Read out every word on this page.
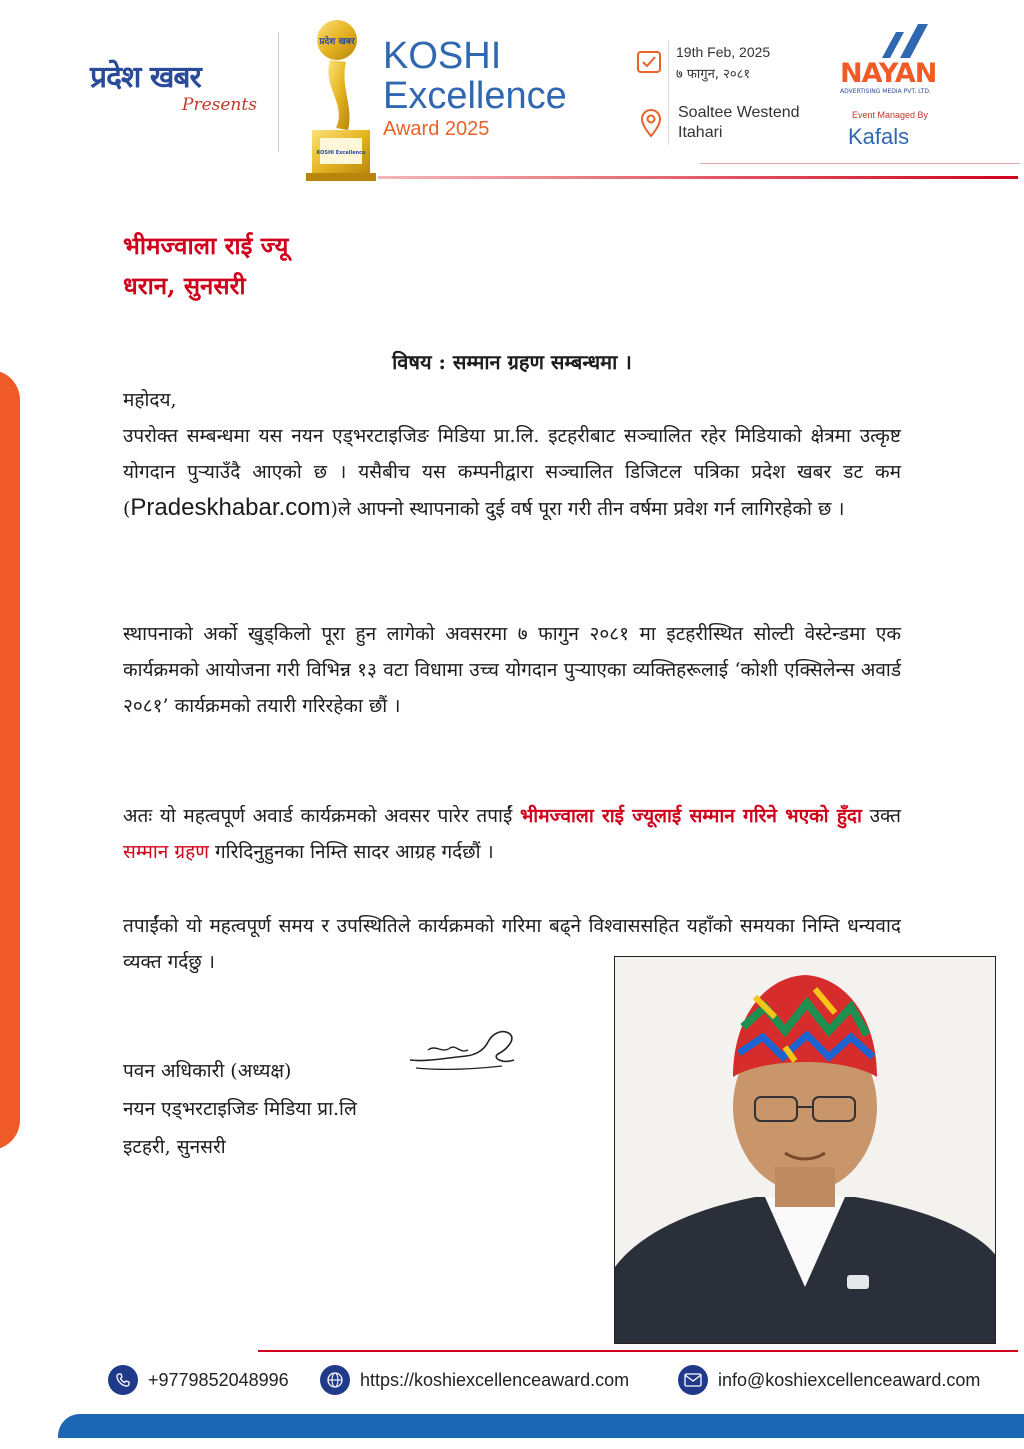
प्रदेश खबर
Presents
प्रदेश खबर
KOSHI Excellence
KOSHI
Excellence
Award 2025
19th Feb, 2025
७ फागुन, २०८१
Soaltee Westend
Itahari
NAYAN
ADVERTISING MEDIA PVT. LTD.
Event Managed By
Kafals
भीमज्वाला राई ज्यू
धरान, सुनसरी
विषय : सम्मान ग्रहण सम्बन्धमा ।
महोदय,
उपरोक्त सम्बन्धमा यस नयन एड्भरटाइजिङ मिडिया प्रा.लि. इटहरीबाट सञ्चालित रहेर मिडियाको क्षेत्रमा उत्कृष्ट योगदान पुऱ्याउँदै आएको छ । यसैबीच यस कम्पनीद्वारा सञ्चालित डिजिटल पत्रिका प्रदेश खबर डट कम (Pradeskhabar.com)ले आफ्नो स्थापनाको दुई वर्ष पूरा गरी तीन वर्षमा प्रवेश गर्न लागिरहेको छ ।
स्थापनाको अर्को खुड्किलो पूरा हुन लागेको अवसरमा ७ फागुन २०८१ मा इटहरीस्थित सोल्टी वेस्टेन्डमा एक कार्यक्रमको आयोजना गरी विभिन्न १३ वटा विधामा उच्च योगदान पुऱ्याएका व्यक्तिहरूलाई ‘कोशी एक्सिलेन्स अवार्ड २०८१’ कार्यक्रमको तयारी गरिरहेका छौं ।
अतः यो महत्वपूर्ण अवार्ड कार्यक्रमको अवसर पारेर तपाईं भीमज्वाला राई ज्यूलाई सम्मान गरिने भएको हुँदा उक्त सम्मान ग्रहण गरिदिनुहुनका निम्ति सादर आग्रह गर्दछौं ।
तपाईंको यो महत्वपूर्ण समय र उपस्थितिले कार्यक्रमको गरिमा बढ्ने विश्वाससहित यहाँको समयका निम्ति धन्यवाद व्यक्त गर्दछु ।
पवन अधिकारी (अध्यक्ष)
नयन एड्भरटाइजिङ मिडिया प्रा.लि
इटहरी, सुनसरी
+9779852048996	https://koshiexcellenceaward.com	info@koshiexcellenceaward.com
